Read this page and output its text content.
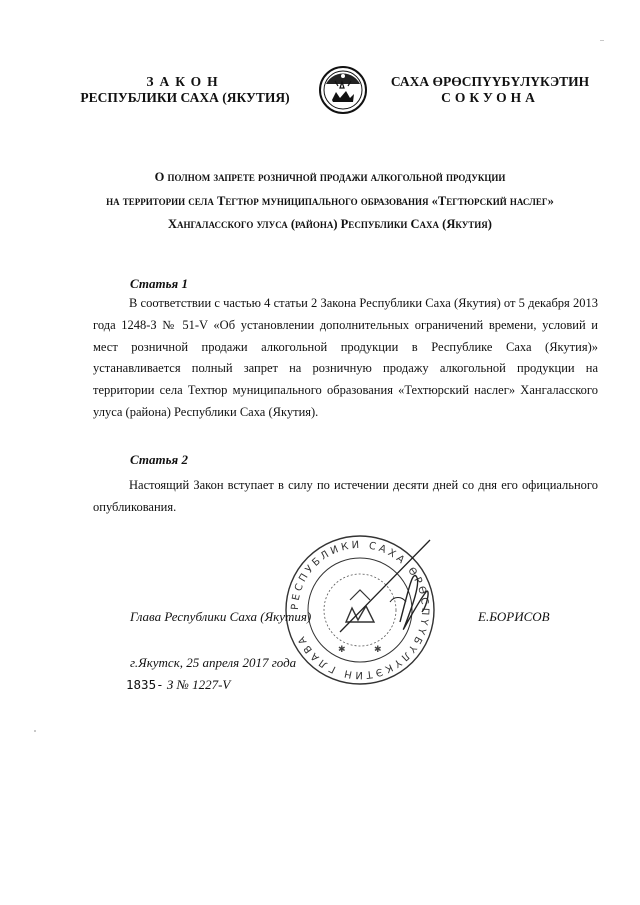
ЗАКОН
РЕСПУБЛИКИ САХА (ЯКУТИЯ)
САХА ӨРӨСПҮҮБҮЛҮКЭТИН
СОКУОНА
О полном запрете розничной продажи алкогольной продукции
на территории села Тегтюр муниципального образования «Тегтюрский наслег»
Хангаласского улуса (района) Республики Саха (Якутия)
Статья 1
В соответствии с частью 4 статьи 2 Закона Республики Саха (Якутия) от 5 декабря 2013 года 1248-З № 51-V «Об установлении дополнительных ограничений времени, условий и мест розничной продажи алкогольной продукции в Республике Саха (Якутия)» устанавливается полный запрет на розничную продажу алкогольной продукции на территории села Техтюр муниципального образования «Техтюрский наслег» Хангаласского улуса (района) Республики Саха (Якутия).
Статья 2
Настоящий Закон вступает в силу по истечении десяти дней со дня его официального опубликования.
РЕСПУБЛИКИ САХА ӨРӨСПҮҮБҮЛҮКЭТИН ГЛАВА
✱	✱
Глава Республики Саха (Якутия)	Е.БОРИСОВ
г.Якутск, 25 апреля 2017 года
1835- З № 1227-V
